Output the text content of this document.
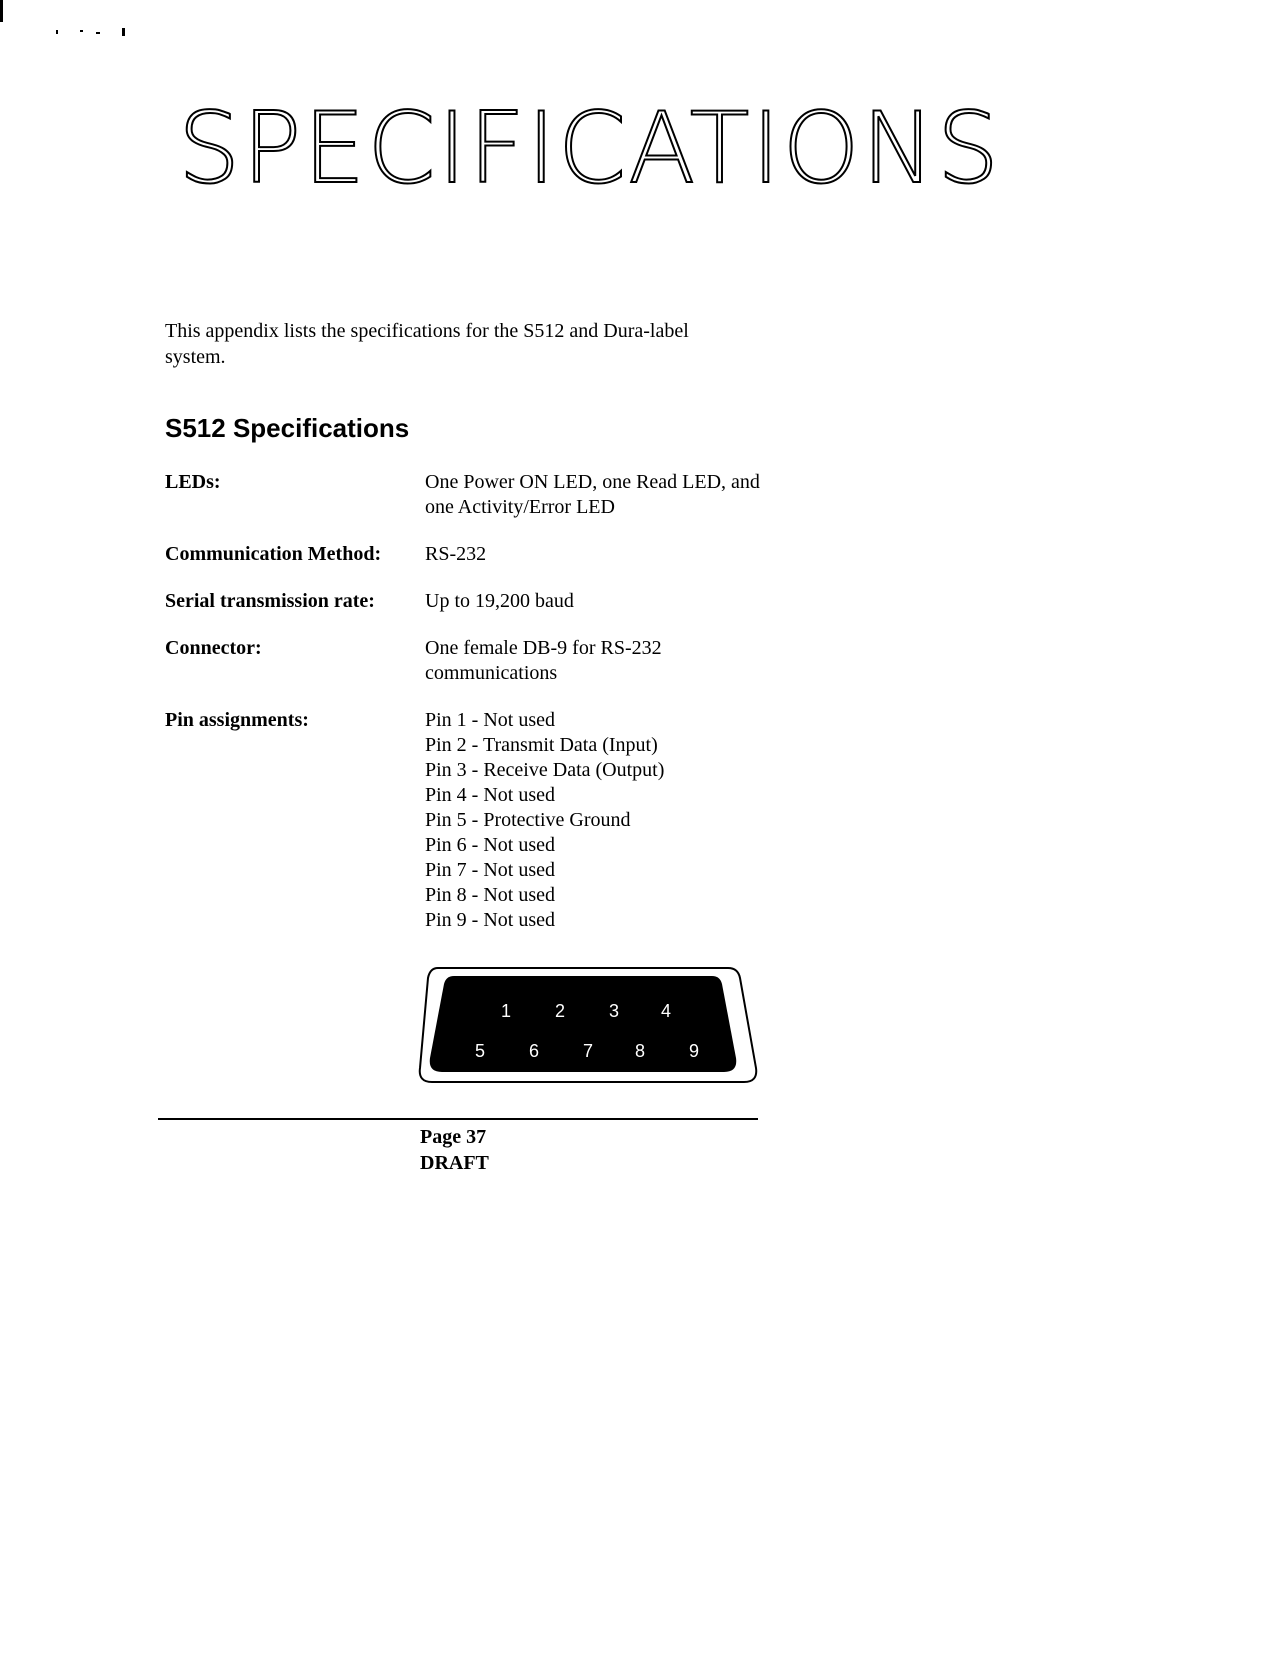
SPECIFICATIONS
This appendix lists the specifications for the S512 and Dura-label
system.
S512 Specifications
LEDs:	One Power ON LED, one Read LED, and one Activity/Error LED
Communication Method:	RS-232
Serial transmission rate:	Up to 19,200 baud
Connector:	One female DB-9 for RS-232 communications
Pin assignments:	Pin 1 - Not used
Pin 2 - Transmit Data (Input)
Pin 3 - Receive Data (Output)
Pin 4 - Not used
Pin 5 - Protective Ground
Pin 6 - Not used
Pin 7 - Not used
Pin 8 - Not used
Pin 9 - Not used
1 2 3 4
5 6 7 8 9
Page 37
DRAFT
